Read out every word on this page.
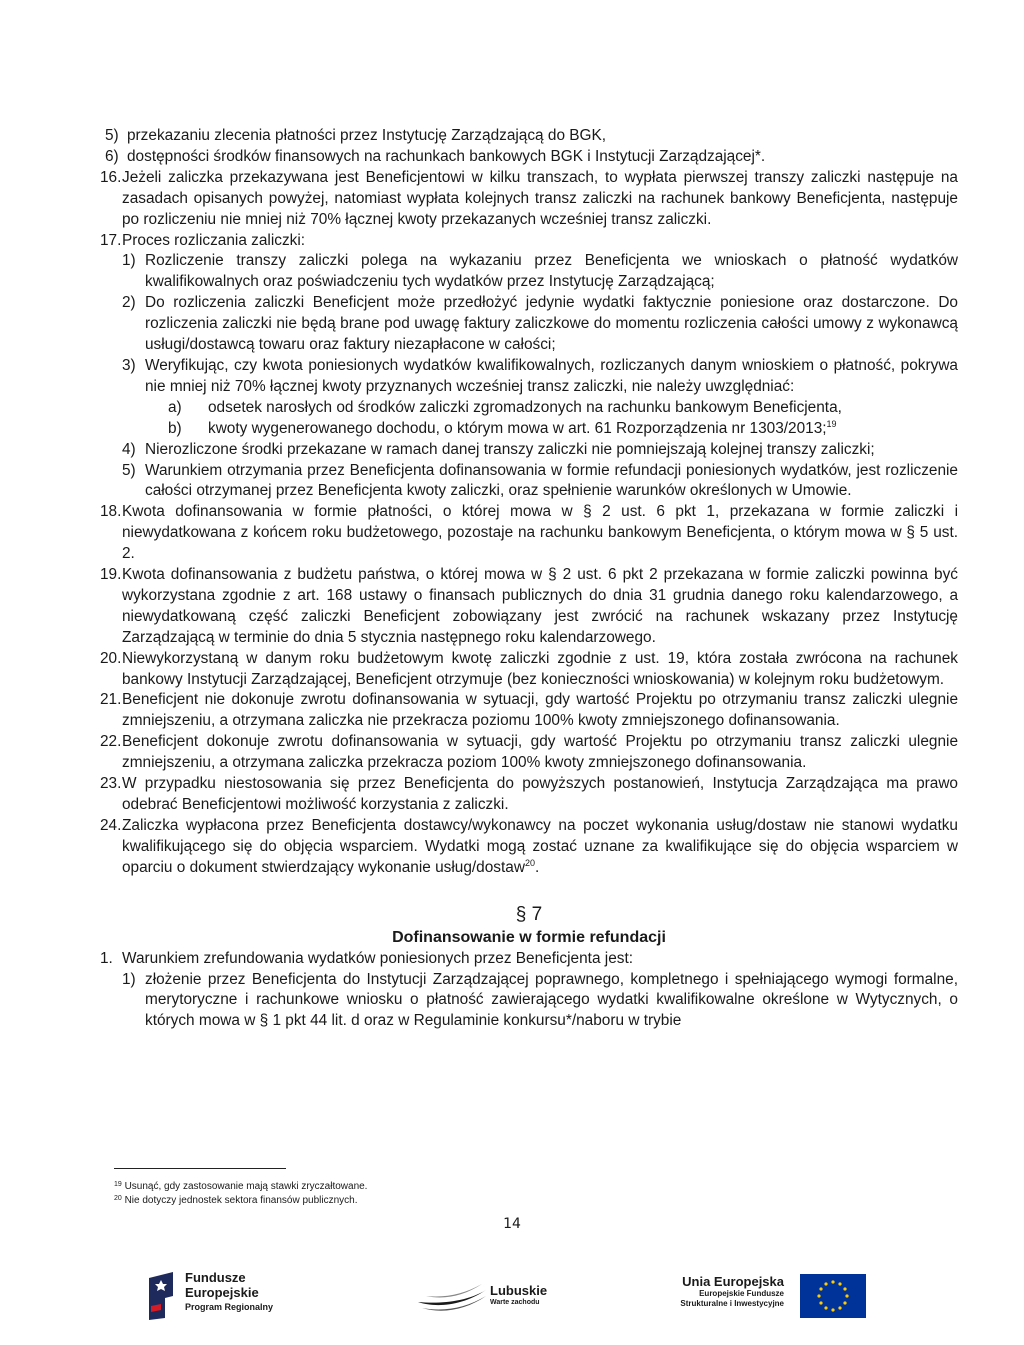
5) przekazaniu zlecenia płatności przez Instytucję Zarządzającą do BGK,
6) dostępności środków finansowych na rachunkach bankowych BGK i Instytucji Zarządzającej*.
16. Jeżeli zaliczka przekazywana jest Beneficjentowi w kilku transzach, to wypłata pierwszej transzy zaliczki następuje na zasadach opisanych powyżej, natomiast wypłata kolejnych transz zaliczki na rachunek bankowy Beneficjenta, następuje po rozliczeniu nie mniej niż 70% łącznej kwoty przekazanych wcześniej transz zaliczki.
17. Proces rozliczania zaliczki:
1) Rozliczenie transzy zaliczki polega na wykazaniu przez Beneficjenta we wnioskach o płatność wydatków kwalifikowalnych oraz poświadczeniu tych wydatków przez Instytucję Zarządzającą;
2) Do rozliczenia zaliczki Beneficjent może przedłożyć jedynie wydatki faktycznie poniesione oraz dostarczone. Do rozliczenia zaliczki nie będą brane pod uwagę faktury zaliczkowe do momentu rozliczenia całości umowy z wykonawcą usługi/dostawcą towaru oraz faktury niezapłacone w całości;
3) Weryfikując, czy kwota poniesionych wydatków kwalifikowalnych, rozliczanych danym wnioskiem o płatność, pokrywa nie mniej niż 70% łącznej kwoty przyznanych wcześniej transz zaliczki, nie należy uwzględniać:
a) odsetek narosłych od środków zaliczki zgromadzonych na rachunku bankowym Beneficjenta,
b) kwoty wygenerowanego dochodu, o którym mowa w art. 61 Rozporządzenia nr 1303/2013;$^{19}$
4) Nierozliczone środki przekazane w ramach danej transzy zaliczki nie pomniejszają kolejnej transzy zaliczki;
5) Warunkiem otrzymania przez Beneficjenta dofinansowania w formie refundacji poniesionych wydatków, jest rozliczenie całości otrzymanej przez Beneficjenta kwoty zaliczki, oraz spełnienie warunków określonych w Umowie.
18. Kwota dofinansowania w formie płatności, o której mowa w § 2 ust. 6 pkt 1, przekazana w formie zaliczki i niewydatkowana z końcem roku budżetowego, pozostaje na rachunku bankowym Beneficjenta, o którym mowa w § 5 ust. 2.
19. Kwota dofinansowania z budżetu państwa, o której mowa w § 2 ust. 6 pkt 2 przekazana w formie zaliczki powinna być wykorzystana zgodnie z art. 168 ustawy o finansach publicznych do dnia 31 grudnia danego roku kalendarzowego, a niewydatkowaną część zaliczki Beneficjent zobowiązany jest zwrócić na rachunek wskazany przez Instytucję Zarządzającą w terminie do dnia 5 stycznia następnego roku kalendarzowego.
20. Niewykorzystaną w danym roku budżetowym kwotę zaliczki zgodnie z ust. 19, która została zwrócona na rachunek bankowy Instytucji Zarządzającej, Beneficjent otrzymuje (bez konieczności wnioskowania) w kolejnym roku budżetowym.
21. Beneficjent nie dokonuje zwrotu dofinansowania w sytuacji, gdy wartość Projektu po otrzymaniu transz zaliczki ulegnie zmniejszeniu, a otrzymana zaliczka nie przekracza poziomu 100% kwoty zmniejszonego dofinansowania.
22. Beneficjent dokonuje zwrotu dofinansowania w sytuacji, gdy wartość Projektu po otrzymaniu transz zaliczki ulegnie zmniejszeniu, a otrzymana zaliczka przekracza poziom 100% kwoty zmniejszonego dofinansowania.
23. W przypadku niestosowania się przez Beneficjenta do powyższych postanowień, Instytucja Zarządzająca ma prawo odebrać Beneficjentowi możliwość korzystania z zaliczki.
24. Zaliczka wypłacona przez Beneficjenta dostawcy/wykonawcy na poczet wykonania usług/dostaw nie stanowi wydatku kwalifikującego się do objęcia wsparciem. Wydatki mogą zostać uznane za kwalifikujące się do objęcia wsparciem w oparciu o dokument stwierdzający wykonanie usług/dostaw$^{20}$.
§ 7
Dofinansowanie w formie refundacji
1. Warunkiem zrefundowania wydatków poniesionych przez Beneficjenta jest:
1) złożenie przez Beneficjenta do Instytucji Zarządzającej poprawnego, kompletnego i spełniającego wymogi formalne, merytoryczne i rachunkowe wniosku o płatność zawierającego wydatki kwalifikowalne określone w Wytycznych, o których mowa w § 1 pkt 44 lit. d oraz w Regulaminie konkursu*/naboru w trybie
$^{19}$ Usunąć, gdy zastosowanie mają stawki zryczałtowane.
$^{20}$ Nie dotyczy jednostek sektora finansów publicznych.
14
Fundusze
Europejskie
Program Regionalny
Lubuskie
Warte zachodu
Unia Europejska
Europejskie Fundusze
Strukturalne i Inwestycyjne
